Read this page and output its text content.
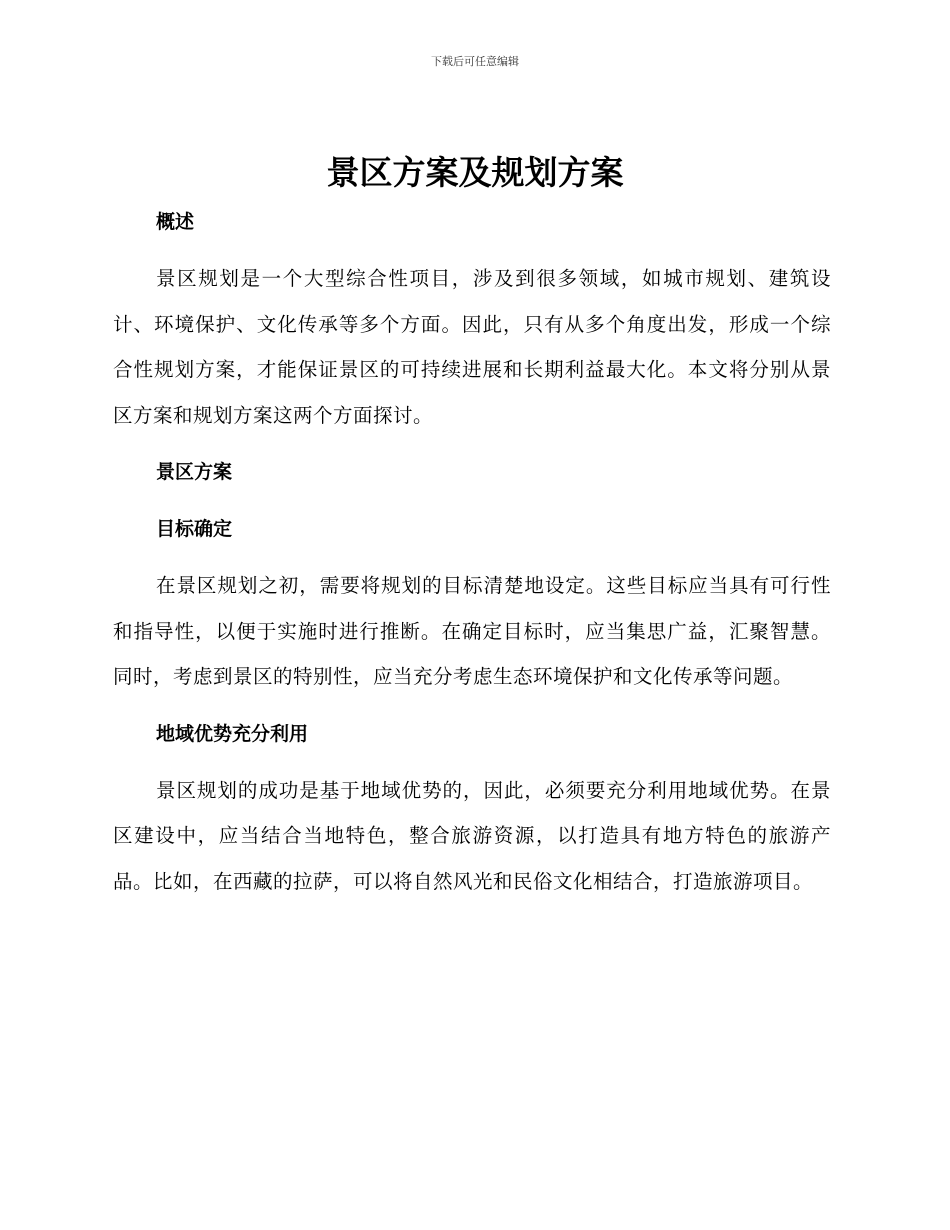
下载后可任意编辑
景区方案及规划方案
概述

景区规划是一个大型综合性项目，涉及到很多领域，如城市规划、建筑设计、环境保护、文化传承等多个方面。因此，只有从多个角度出发，形成一个综合性规划方案，才能保证景区的可持续进展和长期利益最大化。本文将分别从景区方案和规划方案这两个方面探讨。

景区方案
目标确定

在景区规划之初，需要将规划的目标清楚地设定。这些目标应当具有可行性和指导性，以便于实施时进行推断。在确定目标时，应当集思广益，汇聚智慧。同时，考虑到景区的特别性，应当充分考虑生态环境保护和文化传承等问题。

地域优势充分利用

景区规划的成功是基于地域优势的，因此，必须要充分利用地域优势。在景区建设中，应当结合当地特色，整合旅游资源，以打造具有地方特色的旅游产品。比如，在西藏的拉萨，可以将自然风光和民俗文化相结合，打造旅游项目。
